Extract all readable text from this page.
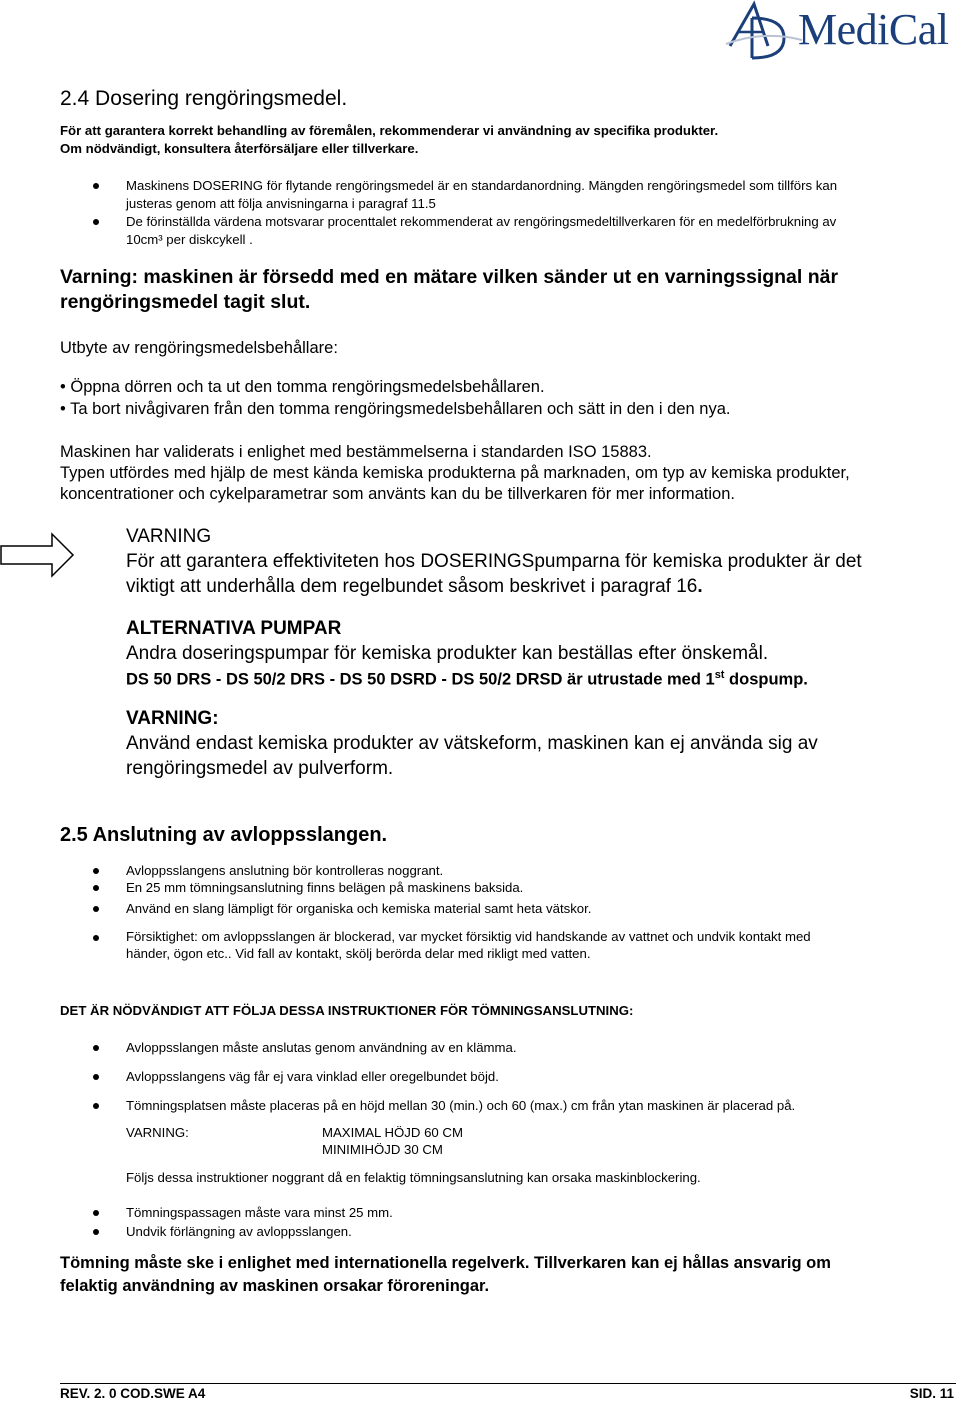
MediCal
2.4 Dosering rengöringsmedel.
För att garantera korrekt behandling av föremålen, rekommenderar vi användning av specifika produkter.
Om nödvändigt, konsultera återförsäljare eller tillverkare.
Maskinens DOSERING för flytande rengöringsmedel är en standardanordning. Mängden rengöringsmedel som tillförs kan
justeras genom att följa anvisningarna i paragraf 11.5
De förinställda värdena motsvarar procenttalet rekommenderat av rengöringsmedeltillverkaren för en medelförbrukning av
10cm³ per diskcykell .
Varning: maskinen är försedd med en mätare vilken sänder ut en varningssignal när
rengöringsmedel tagit slut.
Utbyte av rengöringsmedelsbehållare:
• Öppna dörren och ta ut den tomma rengöringsmedelsbehållaren.
• Ta bort nivågivaren från den tomma rengöringsmedelsbehållaren och sätt in den i den nya.
Maskinen har validerats i enlighet med bestämmelserna i standarden ISO 15883.
Typen utfördes med hjälp de mest kända kemiska produkterna på marknaden, om typ av kemiska produkter,
koncentrationer och cykelparametrar som använts kan du be tillverkaren för mer information.
VARNING
För att garantera effektiviteten hos DOSERINGSpumparna för kemiska produkter är det
viktigt att underhålla dem regelbundet såsom beskrivet i paragraf 16.
ALTERNATIVA PUMPAR
Andra doseringspumpar för kemiska produkter kan beställas efter önskemål.
DS 50 DRS - DS 50/2 DRS - DS 50 DSRD - DS 50/2 DRSD är utrustade med 1st dospump.
VARNING:
Använd endast kemiska produkter av vätskeform, maskinen kan ej använda sig av
rengöringsmedel av pulverform.
2.5 Anslutning av avloppsslangen.
Avloppsslangens anslutning bör kontrolleras noggrant.
En 25 mm tömningsanslutning finns belägen på maskinens baksida.
Använd en slang lämpligt för organiska och kemiska material samt heta vätskor.
Försiktighet: om avloppsslangen är blockerad, var mycket försiktig vid handskande av vattnet och undvik kontakt med
händer, ögon etc.. Vid fall av kontakt, skölj berörda delar med rikligt med vatten.
DET ÄR NÖDVÄNDIGT ATT FÖLJA DESSA INSTRUKTIONER FÖR TÖMNINGSANSLUTNING:
Avloppsslangen måste anslutas genom användning av en klämma.
Avloppsslangens väg får ej vara vinklad eller oregelbundet böjd.
Tömningsplatsen måste placeras på en höjd mellan 30 (min.) och 60 (max.) cm från ytan maskinen är placerad på.
VARNING:	MAXIMAL HÖJD 60 CM
MINIMIHÖJD 30 CM
Följs dessa instruktioner noggrant då en felaktig tömningsanslutning kan orsaka maskinblockering.
Tömningspassagen måste vara minst 25 mm.
Undvik förlängning av avloppsslangen.
Tömning måste ske i enlighet med internationella regelverk. Tillverkaren kan ej hållas ansvarig om
felaktig användning av maskinen orsakar föroreningar.
REV. 2. 0 COD.SWE A4	SID. 11
